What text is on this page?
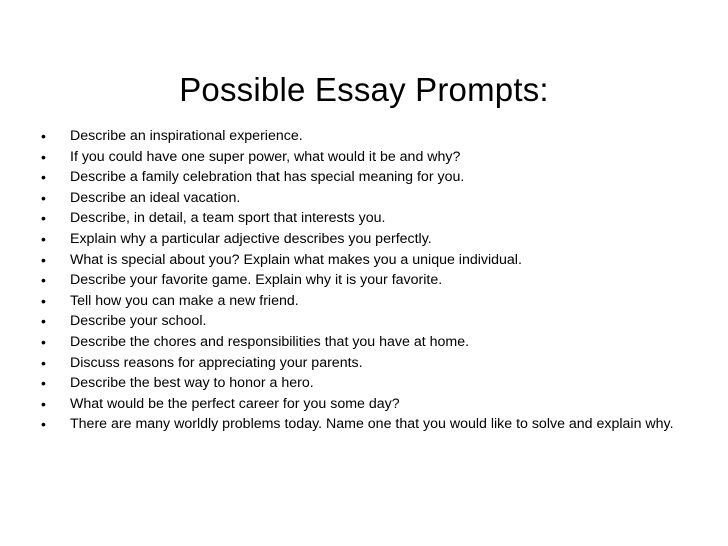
Possible Essay Prompts:
•	Describe an inspirational experience.
•	If you could have one super power, what would it be and why?
•	Describe a family celebration that has special meaning for you.
•	Describe an ideal vacation.
•	Describe, in detail, a team sport that interests you.
•	Explain why a particular adjective describes you perfectly.
•	What is special about you? Explain what makes you a unique individual.
•	Describe your favorite game. Explain why it is your favorite.
•	Tell how you can make a new friend.
•	Describe your school.
•	Describe the chores and responsibilities that you have at home.
•	Discuss reasons for appreciating your parents.
•	Describe the best way to honor a hero.
•	What would be the perfect career for you some day?
•	There are many worldly problems today. Name one that you would like to solve and explain why.
